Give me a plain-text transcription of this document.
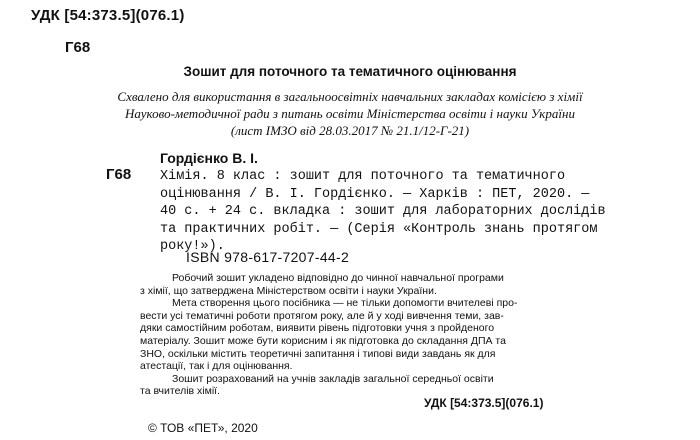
УДК [54:373.5](076.1)
Г68
Зошит для поточного та тематичного оцінювання
Схвалено для використання в загальноосвітніх навчальних закладах комісією з хімії
Науково-методичної ради з питань освіти Міністерства освіти і науки України
(лист ІМЗО від 28.03.2017 № 21.1/12-Г-21)
Гордієнко В. І.
Г68 Хімія. 8 клас : зошит для поточного та тематичного
оцінювання / В. І. Гордієнко. — Харків : ПЕТ, 2020. —
40 с. + 24 с. вкладка : зошит для лабораторних дослідів
та практичних робіт. — (Серія «Контроль знань протягом
року!»).
ISBN 978-617-7207-44-2
Робочий зошит укладено відповідно до чинної навчальної програми
з хімії, що затверджена Міністерством освіти і науки України.
Мета створення цього посібника — не тільки допомогти вчителеві про-
вести усі тематичні роботи протягом року, але й у ході вивчення теми, зав-
дяки самостійним роботам, виявити рівень підготовки учня з пройденого
матеріалу. Зошит може бути корисним і як підготовка до складання ДПА та
ЗНО, оскільки містить теоретичні запитання і типові види завдань як для
атестації, так і для оцінювання.
Зошит розрахований на учнів закладів загальної середньої освіти
та вчителів хімії.
УДК [54:373.5](076.1)
© ТОВ «ПЕТ», 2020
